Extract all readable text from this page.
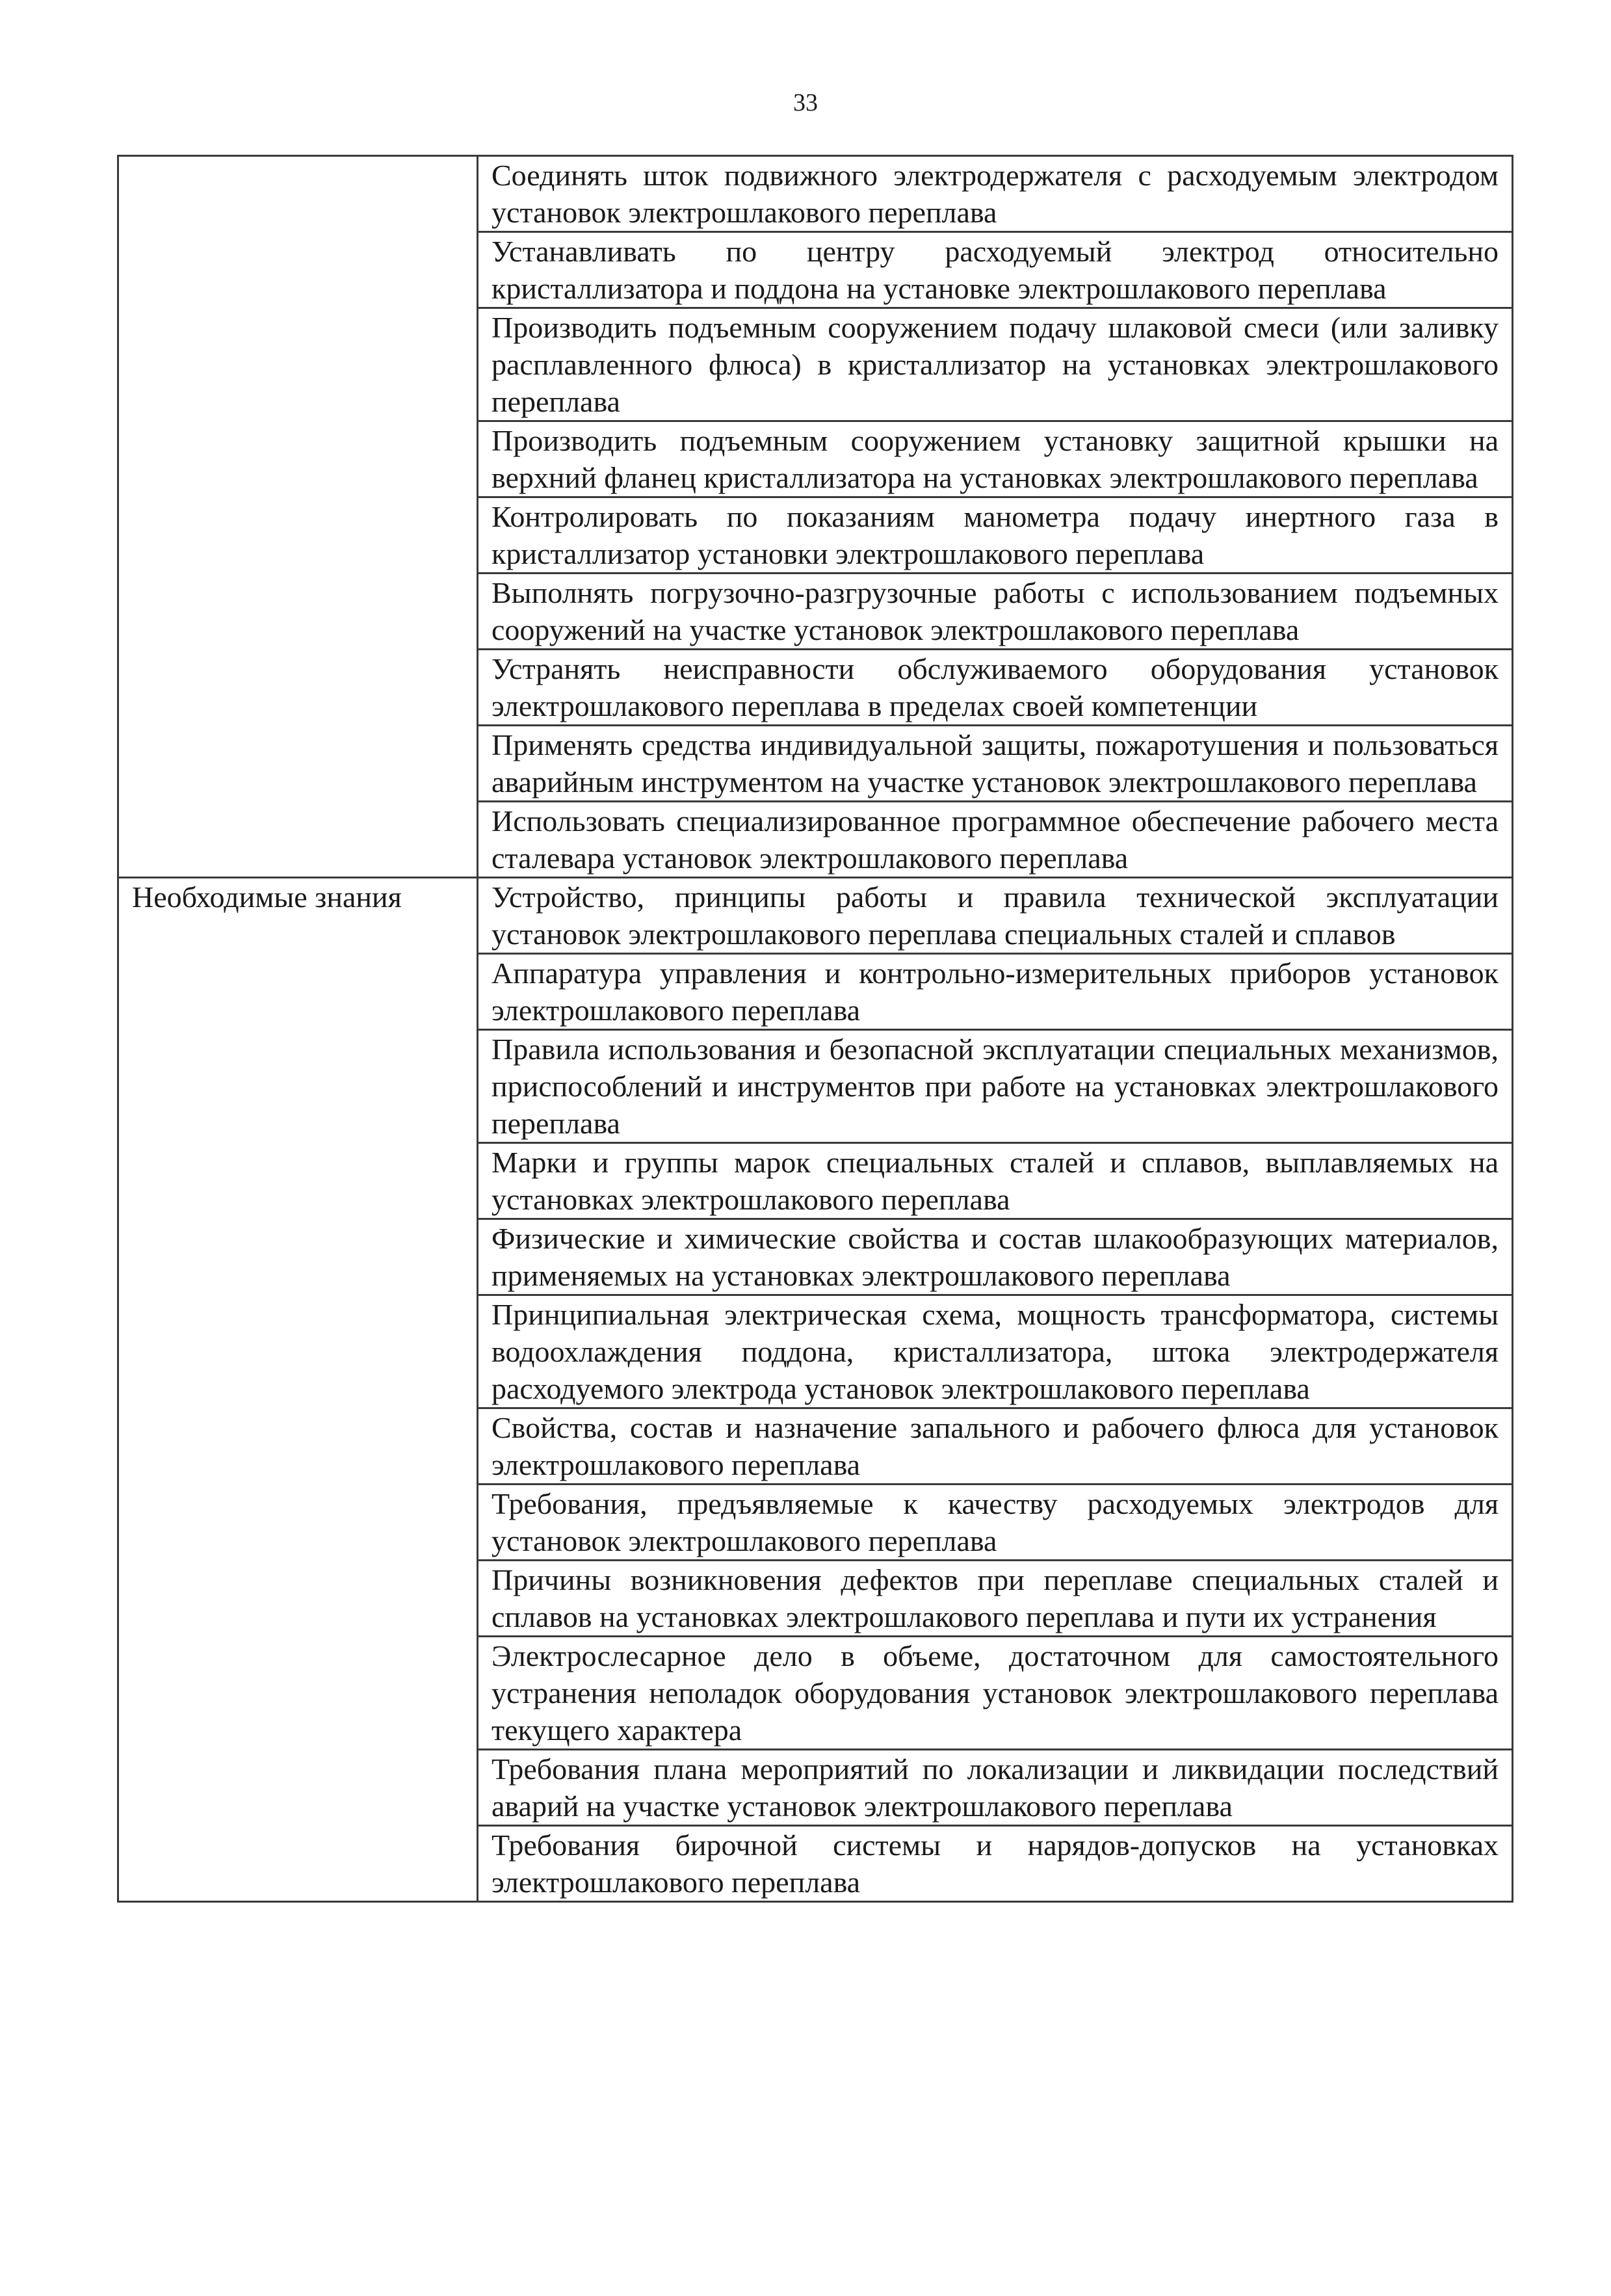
33
	Соединять шток подвижного электродержателя с расходуемым электродом установок электрошлакового переплава
	Устанавливать по центру расходуемый электрод относительно кристаллизатора и поддона на установке электрошлакового переплава
	Производить подъемным сооружением подачу шлаковой смеси (или заливку расплавленного флюса) в кристаллизатор на установках электрошлакового переплава
	Производить подъемным сооружением установку защитной крышки на верхний фланец кристаллизатора на установках электрошлакового переплава
	Контролировать по показаниям манометра подачу инертного газа в кристаллизатор установки электрошлакового переплава
	Выполнять погрузочно-разгрузочные работы с использованием подъемных сооружений на участке установок электрошлакового переплава
	Устранять неисправности обслуживаемого оборудования установок электрошлакового переплава в пределах своей компетенции
	Применять средства индивидуальной защиты, пожаротушения и пользоваться аварийным инструментом на участке установок электрошлакового переплава
	Использовать специализированное программное обеспечение рабочего места сталевара установок электрошлакового переплава
Необходимые знания	Устройство, принципы работы и правила технической эксплуатации установок электрошлакового переплава специальных сталей и сплавов
	Аппаратура управления и контрольно-измерительных приборов установок электрошлакового переплава
	Правила использования и безопасной эксплуатации специальных механизмов, приспособлений и инструментов при работе на установках электрошлакового переплава
	Марки и группы марок специальных сталей и сплавов, выплавляемых на установках электрошлакового переплава
	Физические и химические свойства и состав шлакообразующих материалов, применяемых на установках электрошлакового переплава
	Принципиальная электрическая схема, мощность трансформатора, системы водоохлаждения поддона, кристаллизатора, штока электродержателя расходуемого электрода установок электрошлакового переплава
	Свойства, состав и назначение запального и рабочего флюса для установок электрошлакового переплава
	Требования, предъявляемые к качеству расходуемых электродов для установок электрошлакового переплава
	Причины возникновения дефектов при переплаве специальных сталей и сплавов на установках электрошлакового переплава и пути их устранения
	Электрослесарное дело в объеме, достаточном для самостоятельного устранения неполадок оборудования установок электрошлакового переплава текущего характера
	Требования плана мероприятий по локализации и ликвидации последствий аварий на участке установок электрошлакового переплава
	Требования бирочной системы и нарядов-допусков на установках электрошлакового переплава
